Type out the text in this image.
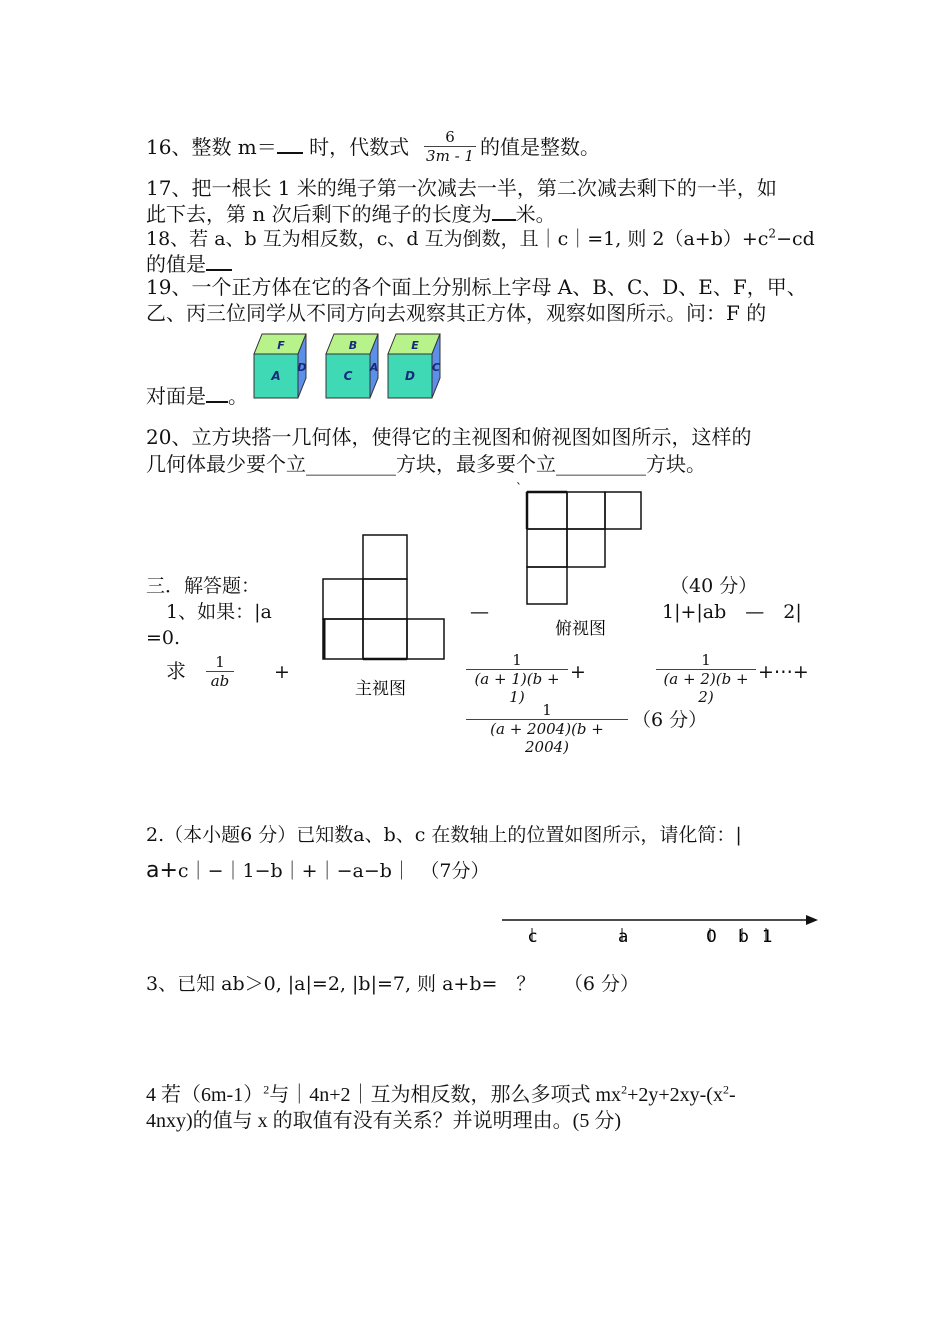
16、整数 m＝ 时，代数式	6
3m - 1 的值是整数。
17、把一根长 1 米的绳子第一次减去一半，第二次减去剩下的一半，如
此下去，第 n 次后剩下的绳子的长度为 米。
18、若 a、b 互为相反数，c、d 互为倒数，且｜c｜=1, 则 $2(a+b)+c^2-cd$
的值是
19、一个正方体在它的各个面上分别标上字母 A、B、C、D、E、F，甲、
乙、丙三位同学从不同方向去观察其正方体，观察如图所示。问：F 的
对面是 。
F
A
D
B
C
A
E
D
C
20、立方块搭一几何体，使得它的主视图和俯视图如图所示，这样的
几何体最少要个立_________方块，最多要个立_________方块。
`
主视图
俯视图
三．解答题：	（40 分）
1、如果：|a	—	1|+|ab　—　2|
=0.
求	1
ab +
1
(a + 1)(b + 1)
+
1
(a + 2)(b + 2)
+⋯+
1
(a + 2004)(b + 2004)
（6 分）
2.（本小题6 分）已知数a、b、c 在数轴上的位置如图所示，请化简：|
a+c｜−｜1−b｜+｜−a−b｜　（7分）
c	a	0 b 1
3、已知 ab＞0, |a|=2, |b|=7, 则 a+b=　？　　（6 分）
4 若$(6m-1)^2$与｜4n+2｜互为相反数，那么多项式 $mx^2+2y+2xy-(x^2-$
4nxy)的值与 x 的取值有没有关系？并说明理由。(5 分)
